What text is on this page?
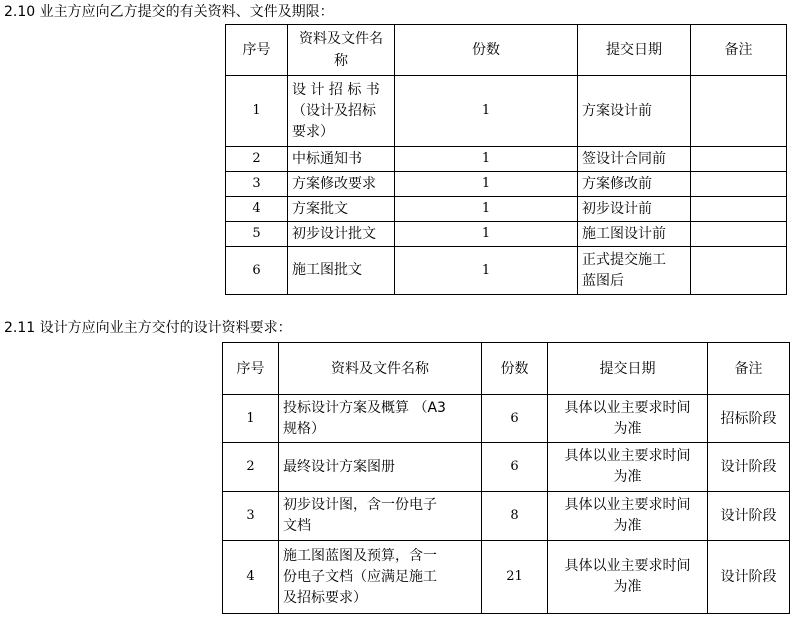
2.10 业主方应向乙方提交的有关资料、文件及期限：
序号	资料及文件名
称	份数	提交日期	备注
1	设 计 招 标 书
（设计及招标
要求）	1	方案设计前	
2	中标通知书	1	签设计合同前	
3	方案修改要求	1	方案修改前	
4	方案批文	1	初步设计前	
5	初步设计批文	1	施工图设计前	
6	施工图批文	1	正式提交施工
蓝图后	
2.11 设计方应向业主方交付的设计资料要求：
序号	资料及文件名称	份数	提交日期	备注
1	投标设计方案及概算 （A3
规格）	6	具体以业主要求时间
为准	招标阶段
2	最终设计方案图册	6	具体以业主要求时间
为准	设计阶段
3	初步设计图，含一份电子
文档	8	具体以业主要求时间
为准	设计阶段
4	施工图蓝图及预算，含一
份电子文档（应满足施工
及招标要求）	21	具体以业主要求时间
为准	设计阶段
